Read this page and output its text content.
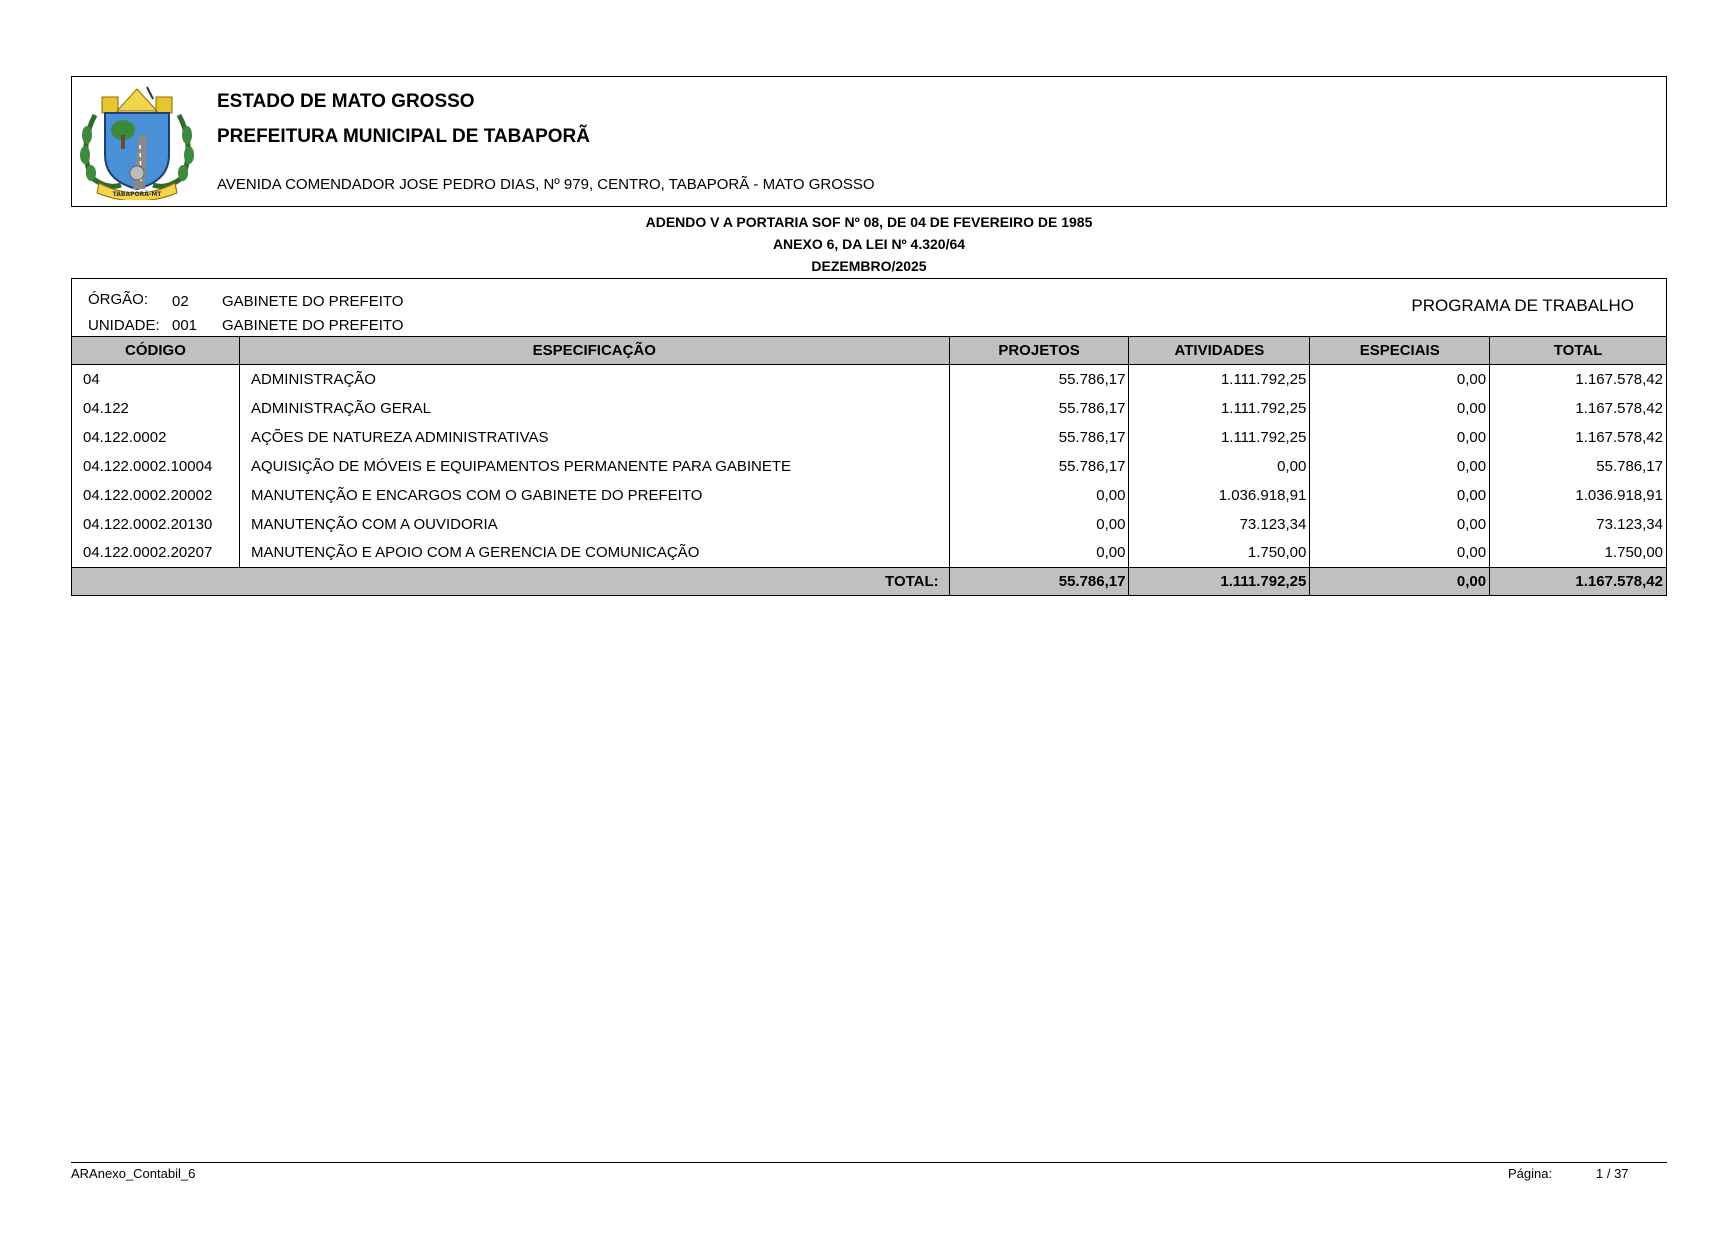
TABAPORÃ-MT
ESTADO DE MATO GROSSO
PREFEITURA MUNICIPAL DE TABAPORÃ
AVENIDA COMENDADOR JOSE PEDRO DIAS, Nº 979, CENTRO, TABAPORÃ - MATO GROSSO
ADENDO V A PORTARIA SOF Nº 08, DE 04 DE FEVEREIRO DE 1985
ANEXO 6, DA LEI Nº 4.320/64
DEZEMBRO/2025
ÓRGÃO: 02 GABINETE DO PREFEITO
UNIDADE: 001 GABINETE DO PREFEITO
PROGRAMA DE TRABALHO
CÓDIGO	ESPECIFICAÇÃO	PROJETOS	ATIVIDADES	ESPECIAIS	TOTAL
04	ADMINISTRAÇÃO	55.786,17	1.111.792,25	0,00	1.167.578,42
04.122	ADMINISTRAÇÃO GERAL	55.786,17	1.111.792,25	0,00	1.167.578,42
04.122.0002	AÇÕES DE NATUREZA ADMINISTRATIVAS	55.786,17	1.111.792,25	0,00	1.167.578,42
04.122.0002.10004	AQUISIÇÃO DE MÓVEIS E EQUIPAMENTOS PERMANENTE PARA GABINETE	55.786,17	0,00	0,00	55.786,17
04.122.0002.20002	MANUTENÇÃO E ENCARGOS COM O GABINETE DO PREFEITO	0,00	1.036.918,91	0,00	1.036.918,91
04.122.0002.20130	MANUTENÇÃO COM A OUVIDORIA	0,00	73.123,34	0,00	73.123,34
04.122.0002.20207	MANUTENÇÃO E APOIO COM A GERENCIA DE COMUNICAÇÃO	0,00	1.750,00	0,00	1.750,00
TOTAL:		55.786,17	1.111.792,25	0,00	1.167.578,42
ARAnexo_Contabil_6	Página:	1 / 37
